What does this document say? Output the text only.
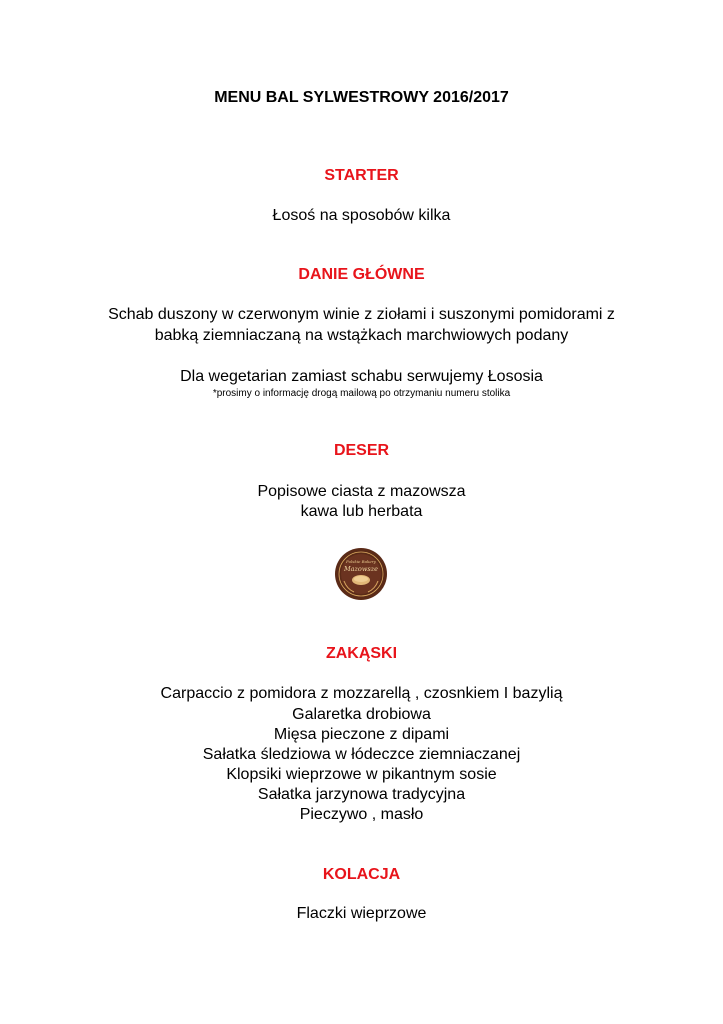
MENU BAL SYLWESTROWY 2016/2017

STARTER

Łosoś na sposobów kilka

DANIE GŁÓWNE

Schab duszony w czerwonym winie z ziołami i suszonymi pomidorami z

babką ziemniaczaną na wstążkach marchwiowych podany

Dla wegetarian zamiast schabu serwujemy Łososia

*prosimy o informację drogą mailową po otrzymaniu numeru stolika

DESER

Popisowe ciasta z mazowsza

kawa lub herbata

Polskie Bakery
Mazowsze

ZAKĄSKI

Carpaccio z pomidora z mozzarellą , czosnkiem I bazylią

Galaretka drobiowa

Mięsa pieczone z dipami

Sałatka śledziowa w łódeczce ziemniaczanej

Klopsiki wieprzowe w pikantnym sosie

Sałatka jarzynowa tradycyjna

Pieczywo , masło

KOLACJA

Flaczki wieprzowe
